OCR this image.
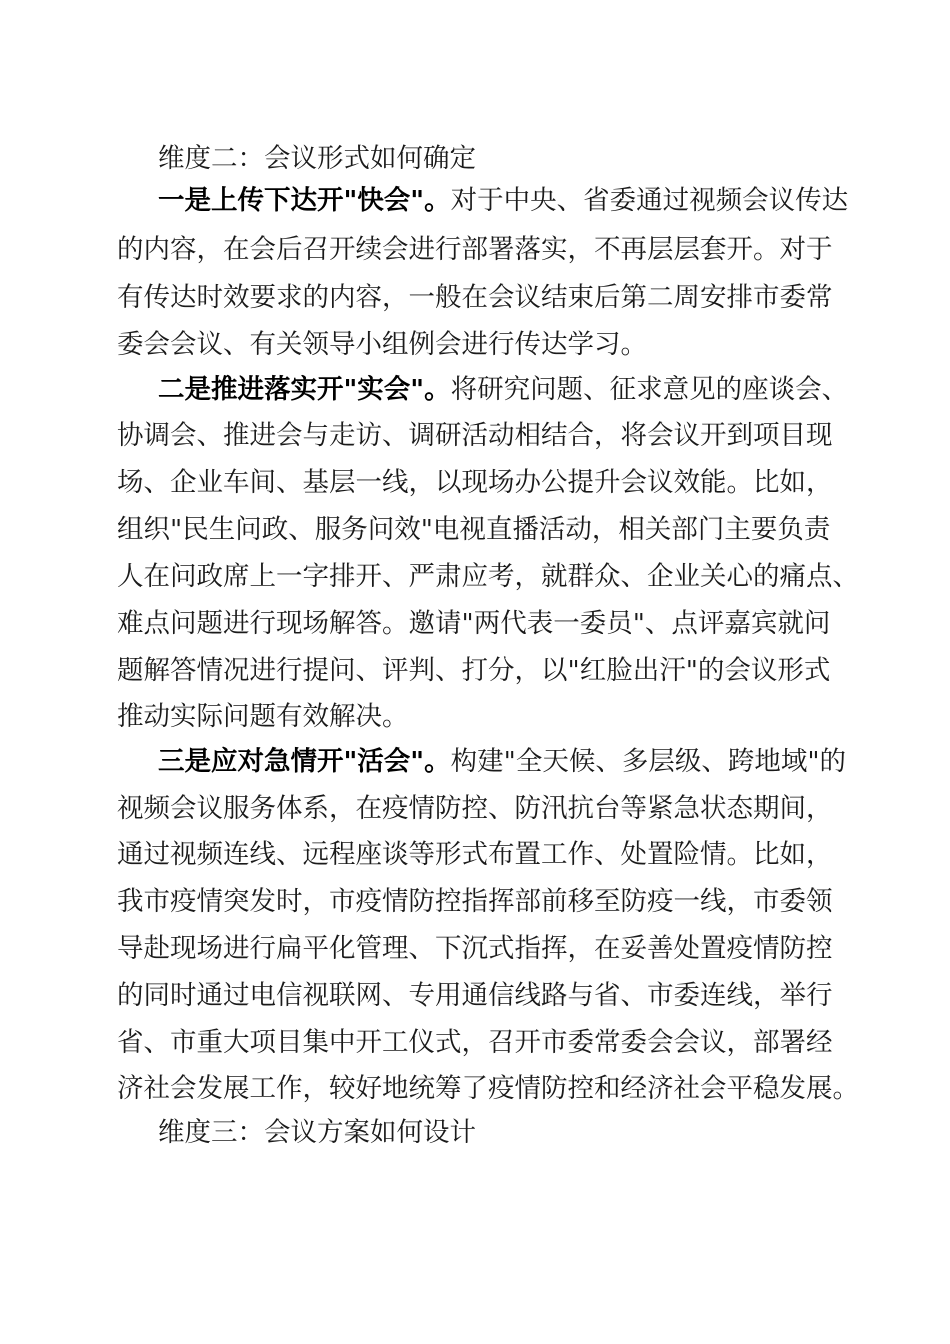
维度二：会议形式如何确定
一是上传下达开"快会"。对于中央、省委通过视频会议传达
的内容，在会后召开续会进行部署落实，不再层层套开。对于
有传达时效要求的内容，一般在会议结束后第二周安排市委常
委会会议、有关领导小组例会进行传达学习。
二是推进落实开"实会"。将研究问题、征求意见的座谈会、
协调会、推进会与走访、调研活动相结合，将会议开到项目现
场、企业车间、基层一线，以现场办公提升会议效能。比如，
组织"民生问政、服务问效"电视直播活动，相关部门主要负责
人在问政席上一字排开、严肃应考，就群众、企业关心的痛点、
难点问题进行现场解答。邀请"两代表一委员"、点评嘉宾就问
题解答情况进行提问、评判、打分，以"红脸出汗"的会议形式
推动实际问题有效解决。
三是应对急情开"活会"。构建"全天候、多层级、跨地域"的
视频会议服务体系，在疫情防控、防汛抗台等紧急状态期间，
通过视频连线、远程座谈等形式布置工作、处置险情。比如，
我市疫情突发时，市疫情防控指挥部前移至防疫一线，市委领
导赴现场进行扁平化管理、下沉式指挥，在妥善处置疫情防控
的同时通过电信视联网、专用通信线路与省、市委连线，举行
省、市重大项目集中开工仪式，召开市委常委会会议，部署经
济社会发展工作，较好地统筹了疫情防控和经济社会平稳发展。
维度三：会议方案如何设计
